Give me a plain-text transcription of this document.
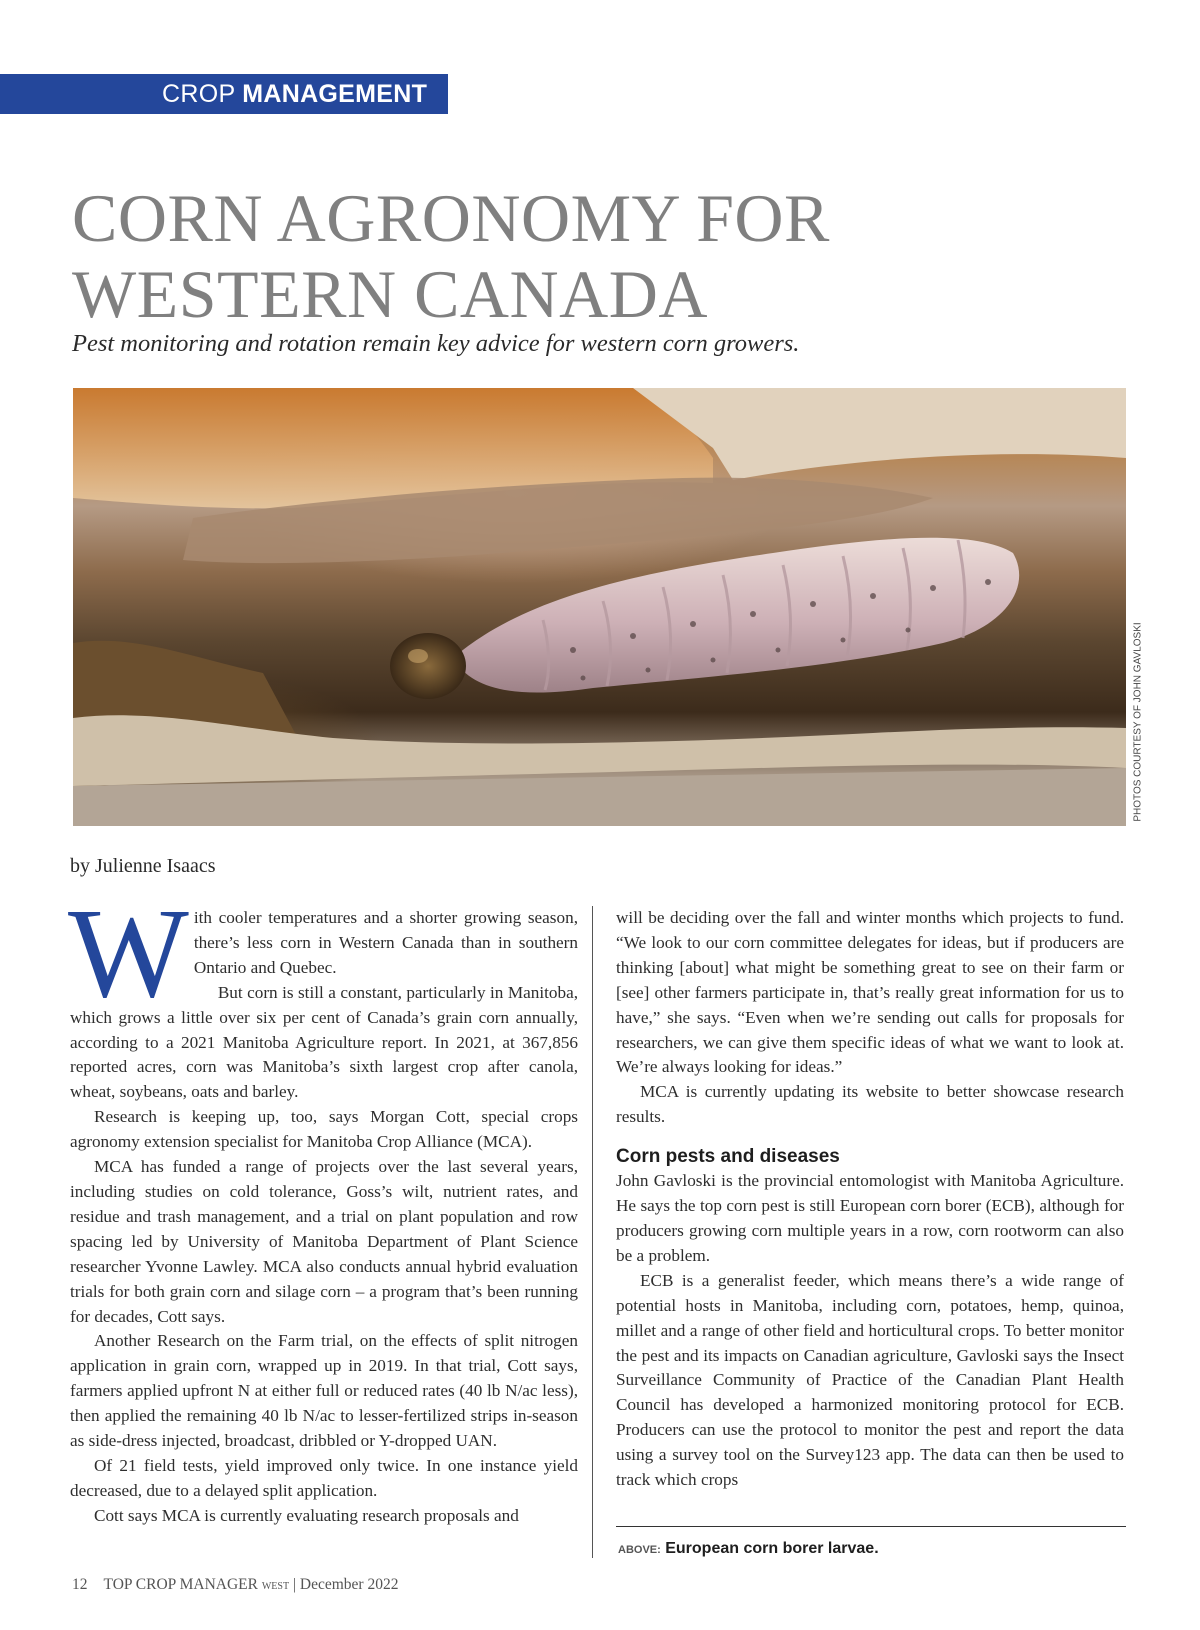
CROP MANAGEMENT
CORN AGRONOMY FOR
WESTERN CANADA

Pest monitoring and rotation remain key advice for western corn growers.

PHOTOS COURTESY OF JOHN GAVLOSKI

by Julienne Isaacs

With cooler temperatures and a shorter growing season, there’s less corn in Western Canada than in southern Ontario and Quebec.

But corn is still a constant, particularly in Manitoba, which grows a little over six per cent of Canada’s grain corn annually, according to a 2021 Manitoba Agriculture report. In 2021, at 367,856 reported acres, corn was Manitoba’s sixth largest crop after canola, wheat, soybeans, oats and barley.

Research is keeping up, too, says Morgan Cott, special crops agronomy extension specialist for Manitoba Crop Alliance (MCA).

MCA has funded a range of projects over the last several years, including studies on cold tolerance, Goss’s wilt, nutrient rates, and residue and trash management, and a trial on plant population and row spacing led by University of Manitoba Department of Plant Science researcher Yvonne Lawley. MCA also conducts annual hybrid evaluation trials for both grain corn and silage corn – a program that’s been running for decades, Cott says.

Another Research on the Farm trial, on the effects of split nitrogen application in grain corn, wrapped up in 2019. In that trial, Cott says, farmers applied upfront N at either full or reduced rates (40 lb N/ac less), then applied the remaining 40 lb N/ac to lesser-fertilized strips in-season as side-dress injected, broadcast, dribbled or Y-dropped UAN.

Of 21 field tests, yield improved only twice. In one instance yield decreased, due to a delayed split application.

Cott says MCA is currently evaluating research proposals and

will be deciding over the fall and winter months which projects to fund. “We look to our corn committee delegates for ideas, but if producers are thinking [about] what might be something great to see on their farm or [see] other farmers participate in, that’s really great information for us to have,” she says. “Even when we’re sending out calls for proposals for researchers, we can give them specific ideas of what we want to look at. We’re always looking for ideas.”

MCA is currently updating its website to better showcase research results.

Corn pests and diseases

John Gavloski is the provincial entomologist with Manitoba Agriculture. He says the top corn pest is still European corn borer (ECB), although for producers growing corn multiple years in a row, corn rootworm can also be a problem.

ECB is a generalist feeder, which means there’s a wide range of potential hosts in Manitoba, including corn, potatoes, hemp, quinoa, millet and a range of other field and horticultural crops. To better monitor the pest and its impacts on Canadian agriculture, Gavloski says the Insect Surveillance Community of Practice of the Canadian Plant Health Council has developed a harmonized monitoring protocol for ECB. Producers can use the protocol to monitor the pest and report the data using a survey tool on the Survey123 app. The data can then be used to track which crops

ABOVE: European corn borer larvae.

12 TOP CROP MANAGER WEST | December 2022
